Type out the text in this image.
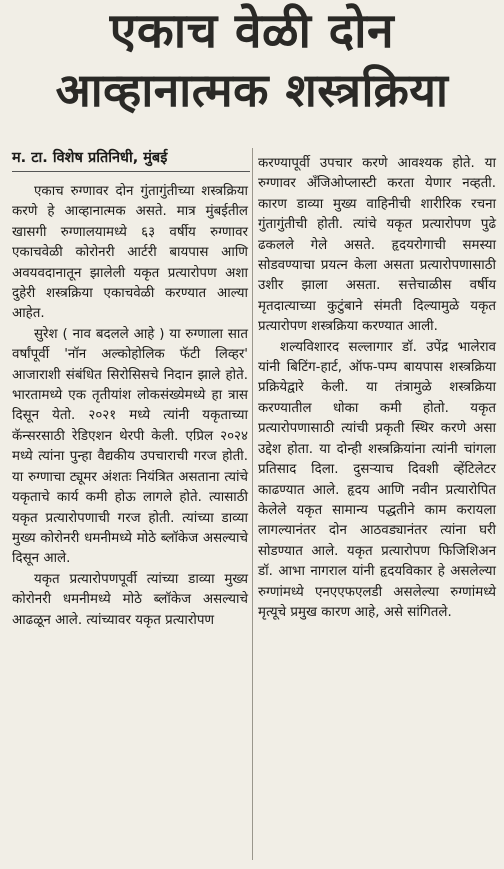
एकाच वेळी दोन
आव्हानात्मक शस्त्रक्रिया
म. टा. विशेष प्रतिनिधी, मुंबई

एकाच रुग्णावर दोन गुंतागुंतीच्या शस्त्रक्रिया करणे हे आव्हानात्मक असते. मात्र मुंबईतील खासगी रुग्णालयामध्ये ६३ वर्षीय रुग्णावर एकाचवेळी कोरोनरी आर्टरी बायपास आणि अवयवदानातून झालेली यकृत प्रत्यारोपण अशा दुहेरी शस्त्रक्रिया एकाचवेळी करण्यात आल्या आहेत.

सुरेश ( नाव बदलले आहे ) या रुग्णाला सात वर्षांपूर्वी 'नॉन अल्कोहोलिक फॅटी लिव्हर' आजाराशी संबंधित सिरोसिसचे निदान झाले होते. भारतामध्ये एक तृतीयांश लोकसंख्येमध्ये हा त्रास दिसून येतो. २०२१ मध्ये त्यांनी यकृताच्या कॅन्सरसाठी रेडिएशन थेरपी केली. एप्रिल २०२४ मध्ये त्यांना पुन्हा वैद्यकीय उपचाराची गरज होती. या रुग्णाचा ट्यूमर अंशतः नियंत्रित असताना त्यांचे यकृताचे कार्य कमी होऊ लागले होते. त्यासाठी यकृत प्रत्यारोपणाची गरज होती. त्यांच्या डाव्या मुख्य कोरोनरी धमनीमध्ये मोठे ब्लॉकेज असल्याचे दिसून आले.

यकृत प्रत्यारोपणपूर्वी त्यांच्या डाव्या मुख्य कोरोनरी धमनीमध्ये मोठे ब्लॉकेज असल्याचे आढळून आले. त्यांच्यावर यकृत प्रत्यारोपण

करण्यापूर्वी उपचार करणे आवश्यक होते. या रुग्णावर अँजिओप्लास्टी करता येणार नव्हती. कारण डाव्या मुख्य वाहिनीची शारीरिक रचना गुंतागुंतीची होती. त्यांचे यकृत प्रत्यारोपण पुढे ढकलले गेले असते. हृदयरोगाची समस्या सोडवण्याचा प्रयत्न केला असता प्रत्यारोपणासाठी उशीर झाला असता. सत्तेचाळीस वर्षीय मृतदात्याच्या कुटुंबाने संमती दिल्यामुळे यकृत प्रत्यारोपण शस्त्रक्रिया करण्यात आली.

शल्यविशारद सल्लागार डॉ. उपेंद्र भालेराव यांनी बिटिंग-हार्ट, ऑफ-पम्प बायपास शस्त्रक्रिया प्रक्रियेद्वारे केली. या तंत्रामुळे शस्त्रक्रिया करण्यातील धोका कमी होतो. यकृत प्रत्यारोपणासाठी त्यांची प्रकृती स्थिर करणे असा उद्देश होता. या दोन्ही शस्त्रक्रियांना त्यांनी चांगला प्रतिसाद दिला. दुसऱ्याच दिवशी व्हेंटिलेटर काढण्यात आले. हृदय आणि नवीन प्रत्यारोपित केलेले यकृत सामान्य पद्धतीने काम करायला लागल्यानंतर दोन आठवड्यानंतर त्यांना घरी सोडण्यात आले. यकृत प्रत्यारोपण फिजिशिअन डॉ. आभा नागराल यांनी हृदयविकार हे असलेल्या रुग्णांमध्ये एनएएफएलडी असलेल्या रुग्णांमध्ये मृत्यूचे प्रमुख कारण आहे, असे सांगितले.
